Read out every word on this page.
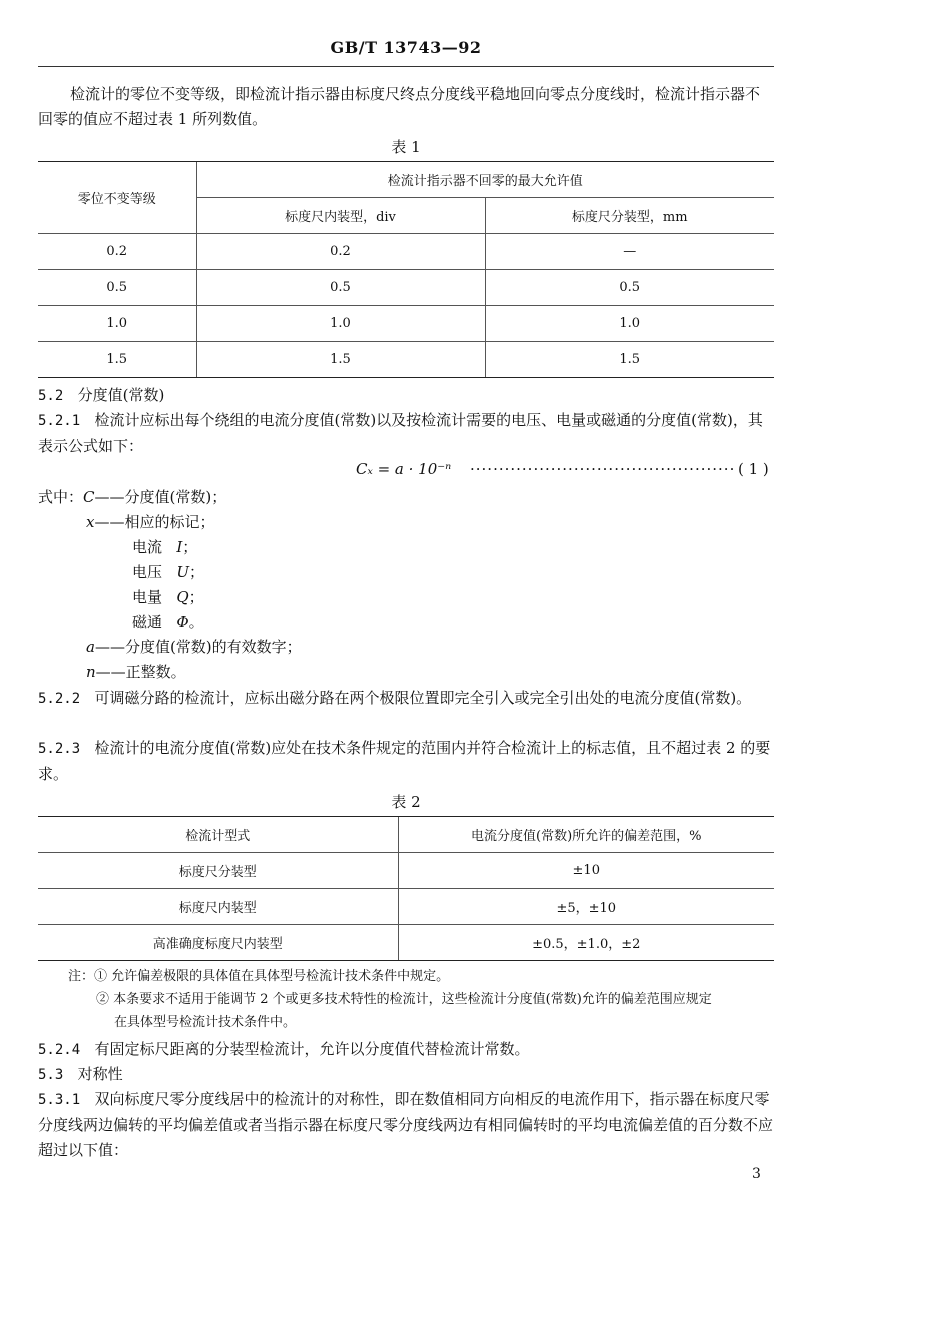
GB/T 13743—92
检流计的零位不变等级，即检流计指示器由标度尺终点分度线平稳地回向零点分度线时，检流计指示器不回零的值应不超过表 1 所列数值。
表 1
零位不变等级	检流计指示器不回零的最大允许值	
	标度尺内装型，div	标度尺分装型，mm
0.2	0.2	—
0.5	0.5	0.5
1.0	1.0	1.0
1.5	1.5	1.5
5.2 分度值(常数)
5.2.1 检流计应标出每个绕组的电流分度值(常数)以及按检流计需要的电压、电量或磁通的分度值(常数)，其表示公式如下：
Cₓ = a · 10⁻ⁿ ·············································· ( 1 )
式中：C——分度值(常数)；
x——相应的标记；
电流 I；
电压 U；
电量 Q；
磁通 Φ。
a——分度值(常数)的有效数字；
n——正整数。
5.2.2 可调磁分路的检流计，应标出磁分路在两个极限位置即完全引入或完全引出处的电流分度值(常数)。
5.2.3 检流计的电流分度值(常数)应处在技术条件规定的范围内并符合检流计上的标志值，且不超过表 2 的要求。
表 2
检流计型式	电流分度值(常数)所允许的偏差范围，%
标度尺分装型	±10
标度尺内装型	±5，±10
高准确度标度尺内装型	±0.5，±1.0，±2
注：① 允许偏差极限的具体值在具体型号检流计技术条件中规定。
② 本条要求不适用于能调节 2 个或更多技术特性的检流计，这些检流计分度值(常数)允许的偏差范围应规定
在具体型号检流计技术条件中。
5.2.4 有固定标尺距离的分装型检流计，允许以分度值代替检流计常数。
5.3 对称性
5.3.1 双向标度尺零分度线居中的检流计的对称性，即在数值相同方向相反的电流作用下，指示器在标度尺零分度线两边偏转的平均偏差值或者当指示器在标度尺零分度线两边有相同偏转时的平均电流偏差值的百分数不应超过以下值：
3
